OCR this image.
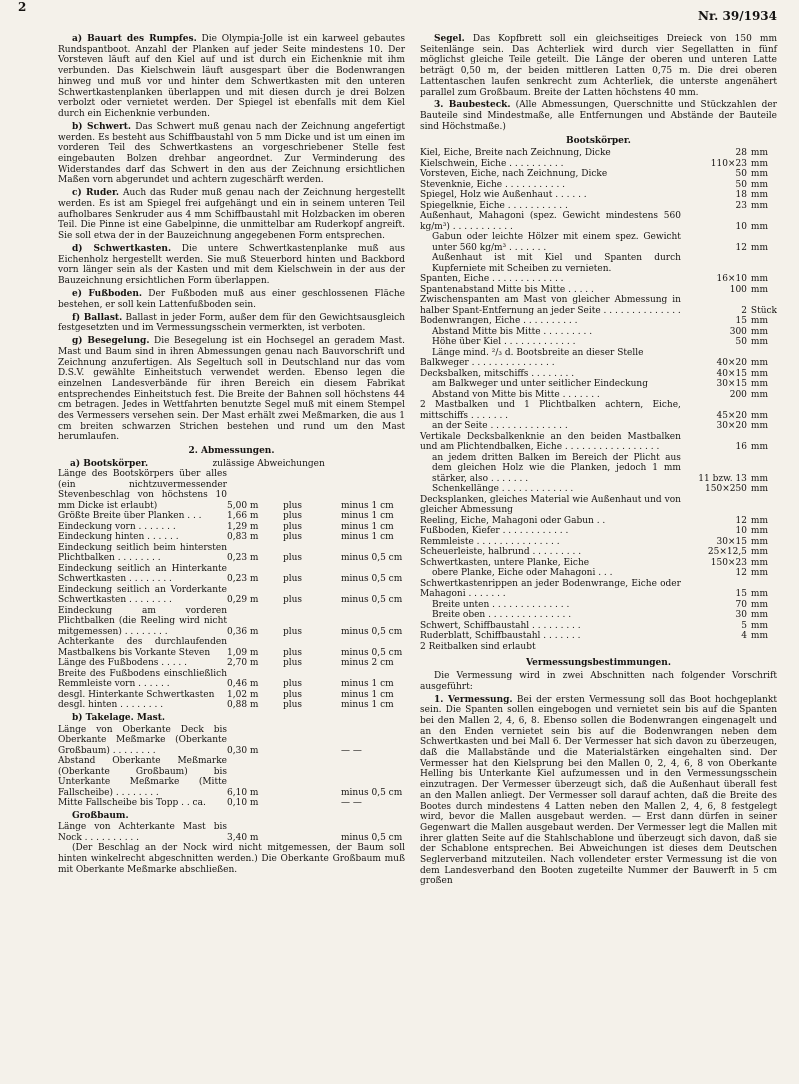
2
Nr. 39/1934

a) Bauart des Rumpfes. Die Olympia-Jolle ist ein karweel gebautes Rundspantboot. Anzahl der Planken auf jeder Seite mindestens 10. Der Vorsteven läuft auf den Kiel auf und ist durch ein Eichenknie mit ihm verbunden. Das Kielschwein läuft ausgespart über die Bodenwrangen hinweg und muß vor und hinter dem Schwertkasten mit den unteren Schwertkastenplanken überlappen und mit diesen durch je drei Bolzen verbolzt oder vernietet werden. Der Spiegel ist ebenfalls mit dem Kiel durch ein Eichenknie verbunden.

b) Schwert. Das Schwert muß genau nach der Zeichnung angefertigt werden. Es besteht aus Schiffbaustahl von 5 mm Dicke und ist um einen im vorderen Teil des Schwertkastens an vorgeschriebener Stelle fest eingebauten Bolzen drehbar angeordnet. Zur Verminderung des Widerstandes darf das Schwert in den aus der Zeichnung ersichtlichen Maßen vorn abgerundet und achtern zugeschärft werden.

c) Ruder. Auch das Ruder muß genau nach der Zeichnung hergestellt werden. Es ist am Spiegel frei aufgehängt und ein in seinem unteren Teil aufholbares Senkruder aus 4 mm Schiffbaustahl mit Holzbacken im oberen Teil. Die Pinne ist eine Gabelpinne, die unmittelbar am Ruderkopf angreift. Sie soll etwa der in der Bauzeichnung angegebenen Form entsprechen.

d) Schwertkasten. Die untere Schwertkastenplanke muß aus Eichenholz hergestellt werden. Sie muß Steuerbord hinten und Backbord vorn länger sein als der Kasten und mit dem Kielschwein in der aus der Bauzeichnung ersichtlichen Form überlappen.

e) Fußboden. Der Fußboden muß aus einer geschlossenen Fläche bestehen, er soll kein Lattenfußboden sein.

f) Ballast. Ballast in jeder Form, außer dem für den Gewichtsausgleich festgesetzten und im Vermessungsschein vermerkten, ist verboten.

g) Besegelung. Die Besegelung ist ein Hochsegel an geradem Mast. Mast und Baum sind in ihren Abmessungen genau nach Bauvorschrift und Zeichnung anzufertigen. Als Segeltuch soll in Deutschland nur das vom D.S.V. gewählte Einheitstuch verwendet werden. Ebenso legen die einzelnen Landesverbände für ihren Bereich ein diesem Fabrikat entsprechendes Einheitstuch fest. Die Breite der Bahnen soll höchstens 44 cm betragen. Jedes in Wettfahrten benutzte Segel muß mit einem Stempel des Vermessers versehen sein. Der Mast erhält zwei Meßmarken, die aus 1 cm breiten schwarzen Strichen bestehen und rund um den Mast herumlaufen.

2. Abmessungen.
a) Bootskörper.	zulässige Abweichungen
Länge des Bootskörpers über alles (ein nichtzuvermessender Stevenbeschlag von höchstens 10 mm Dicke ist erlaubt)	5,00 m	plus	minus 1 cm
Größte Breite über Planken . . .	1,66 m	plus	minus 1 cm
Eindeckung vorn . . . . . . .	1,29 m	plus	minus 1 cm
Eindeckung hinten . . . . . .	0,83 m	plus	minus 1 cm
Eindeckung seitlich beim hintersten Plichtbalken . . . . . . . .	0,23 m	plus	minus 0,5 cm
Eindeckung seitlich an Hinterkante Schwertkasten . . . . . . . .	0,23 m	plus	minus 0,5 cm
Eindeckung seitlich an Vorderkante Schwertkasten . . . . . . . .	0,29 m	plus	minus 0,5 cm
Eindeckung am vorderen Plichtbalken (die Reeling wird nicht mitgemessen) . . . . . . . .	0,36 m	plus	minus 0,5 cm
Achterkante des durchlaufenden Mastbalkens bis Vorkante Steven	1,09 m	plus	minus 0,5 cm
Länge des Fußbodens . . . . .	2,70 m	plus	minus 2 cm
Breite des Fußbodens einschließlich Remmleiste vorn . . . . . .	0,46 m	plus	minus 1 cm
desgl. Hinterkante Schwertkasten	1,02 m	plus	minus 1 cm
desgl. hinten . . . . . . . .	0,88 m	plus	minus 1 cm
b) Takelage. Mast.
Länge von Oberkante Deck bis Oberkante Meßmarke (Oberkante Großbaum) . . . . . . . .	0,30 m		— —
Abstand Oberkante Meßmarke (Oberkante Großbaum) bis Unterkante Meßmarke (Mitte Fallscheibe) . . . . . . . .	6,10 m		minus 0,5 cm
Mitte Fallscheibe bis Topp . . ca.	0,10 m		— —
Großbaum.
Länge von Achterkante Mast bis Nock . . . . . . . . . .	3,40 m		minus 0,5 cm

(Der Beschlag an der Nock wird nicht mitgemessen, der Baum soll hinten winkelrecht abgeschnitten werden.) Die Oberkante Großbaum muß mit Oberkante Meßmarke abschließen.

Segel. Das Kopfbrett soll ein gleichseitiges Dreieck von 150 mm Seitenlänge sein. Das Achterliek wird durch vier Segellatten in fünf möglichst gleiche Teile geteilt. Die Länge der oberen und unteren Latte beträgt 0,50 m, der beiden mittleren Latten 0,75 m. Die drei oberen Lattentaschen laufen senkrecht zum Achterliek, die unterste angenähert parallel zum Großbaum. Breite der Latten höchstens 40 mm.

3. Baubesteck. (Alle Abmessungen, Querschnitte und Stückzahlen der Bauteile sind Mindestmaße, alle Entfernungen und Abstände der Bauteile sind Höchstmaße.)

Bootskörper.
Kiel, Eiche, Breite nach Zeichnung, Dicke	28	mm
Kielschwein, Eiche . . . . . . . . . .	110×23	mm
Vorsteven, Eiche, nach Zeichnung, Dicke	50	mm
Stevenknie, Eiche . . . . . . . . . . .	50	mm
Spiegel, Holz wie Außenhaut . . . . . .	18	mm
Spiegelknie, Eiche . . . . . . . . . . .	23	mm
Außenhaut, Mahagoni (spez. Gewicht mindestens 560 kg/m³) . . . . . . . . . . .	10	mm
Gabun oder leichte Hölzer mit einem spez. Gewicht unter 560 kg/m³ . . . . . . .	12	mm
Außenhaut ist mit Kiel und Spanten durch Kupferniete mit Scheiben zu vernieten.		
Spanten, Eiche . . . . . . . . . . . . .	16×10	mm
Spantenabstand Mitte bis Mitte . . . . .	100	mm
Zwischenspanten am Mast von gleicher Abmessung in halber Spant-Entfernung an jeder Seite . . . . . . . . . . . . . .	2	Stück
Bodenwrangen, Eiche . . . . . . . . . .	15	mm
Abstand Mitte bis Mitte . . . . . . . . .	300	mm
Höhe über Kiel . . . . . . . . . . . . .	50	mm
Länge mind. ²/₃ d. Bootsbreite an dieser Stelle		
Balkweger . . . . . . . . . . . . . . .	40×20	mm
Decksbalken, mitschiffs . . . . . . . .	40×15	mm
am Balkweger und unter seitlicher Eindeckung	30×15	mm
Abstand von Mitte bis Mitte . . . . . . .	200	mm
2 Mastbalken und 1 Plichtbalken achtern, Eiche, mittschiffs . . . . . . .	45×20	mm
an der Seite . . . . . . . . . . . . . .	30×20	mm
Vertikale Decksbalkenknie an den beiden Mastbalken und am Plichtendbalken, Eiche . . . . . . . . . . . . . . . . .	16	mm
an jedem dritten Balken im Bereich der Plicht aus dem gleichen Holz wie die Planken, jedoch 1 mm stärker, also . . . . . . .	11 bzw. 13	mm
Schenkellänge . . . . . . . . . . . . .	150×250	mm
Decksplanken, gleiches Material wie Außenhaut und von gleicher Abmessung		
Reeling, Eiche, Mahagoni oder Gabun . .	12	mm
Fußboden, Kiefer . . . . . . . . . . . .	10	mm
Remmleiste . . . . . . . . . . . . . . .	30×15	mm
Scheuerleiste, halbrund . . . . . . . . .	25×12,5	mm
Schwertkasten, untere Planke, Eiche	150×23	mm
obere Planke, Eiche oder Mahagoni . . .	12	mm
Schwertkastenrippen an jeder Bodenwrange, Eiche oder Mahagoni . . . . . . .	15	mm
Breite unten . . . . . . . . . . . . . .	70	mm
Breite oben . . . . . . . . . . . . . . .	30	mm
Schwert, Schiffbaustahl . . . . . . . . .	5	mm
Ruderblatt, Schiffbaustahl . . . . . . .	4	mm
2 Reitbalken sind erlaubt		
Vermessungsbestimmungen.

Die Vermessung wird in zwei Abschnitten nach folgender Vorschrift ausgeführt:

1. Vermessung. Bei der ersten Vermessung soll das Boot hochgeplankt sein. Die Spanten sollen eingebogen und vernietet sein bis auf die Spanten bei den Mallen 2, 4, 6, 8. Ebenso sollen die Bodenwrangen eingenagelt und an den Enden vernietet sein bis auf die Bodenwrangen neben dem Schwertkasten und bei Mall 6. Der Vermesser hat sich davon zu überzeugen, daß die Mallabstände und die Materialstärken eingehalten sind. Der Vermesser hat den Kielsprung bei den Mallen 0, 2, 4, 6, 8 von Oberkante Helling bis Unterkante Kiel aufzumessen und in den Vermessungsschein einzutragen. Der Vermesser überzeugt sich, daß die Außenhaut überall fest an den Mallen anliegt. Der Vermesser soll darauf achten, daß die Breite des Bootes durch mindestens 4 Latten neben den Mallen 2, 4, 6, 8 festgelegt wird, bevor die Mallen ausgebaut werden. — Erst dann dürfen in seiner Gegenwart die Mallen ausgebaut werden. Der Vermesser legt die Mallen mit ihrer glatten Seite auf die Stahlschablone und überzeugt sich davon, daß sie der Schablone entsprechen. Bei Abweichungen ist dieses dem Deutschen Seglerverband mitzuteilen. Nach vollendeter erster Vermessung ist die von dem Landesverband den Booten zugeteilte Nummer der Bauwerft in 5 cm großen
